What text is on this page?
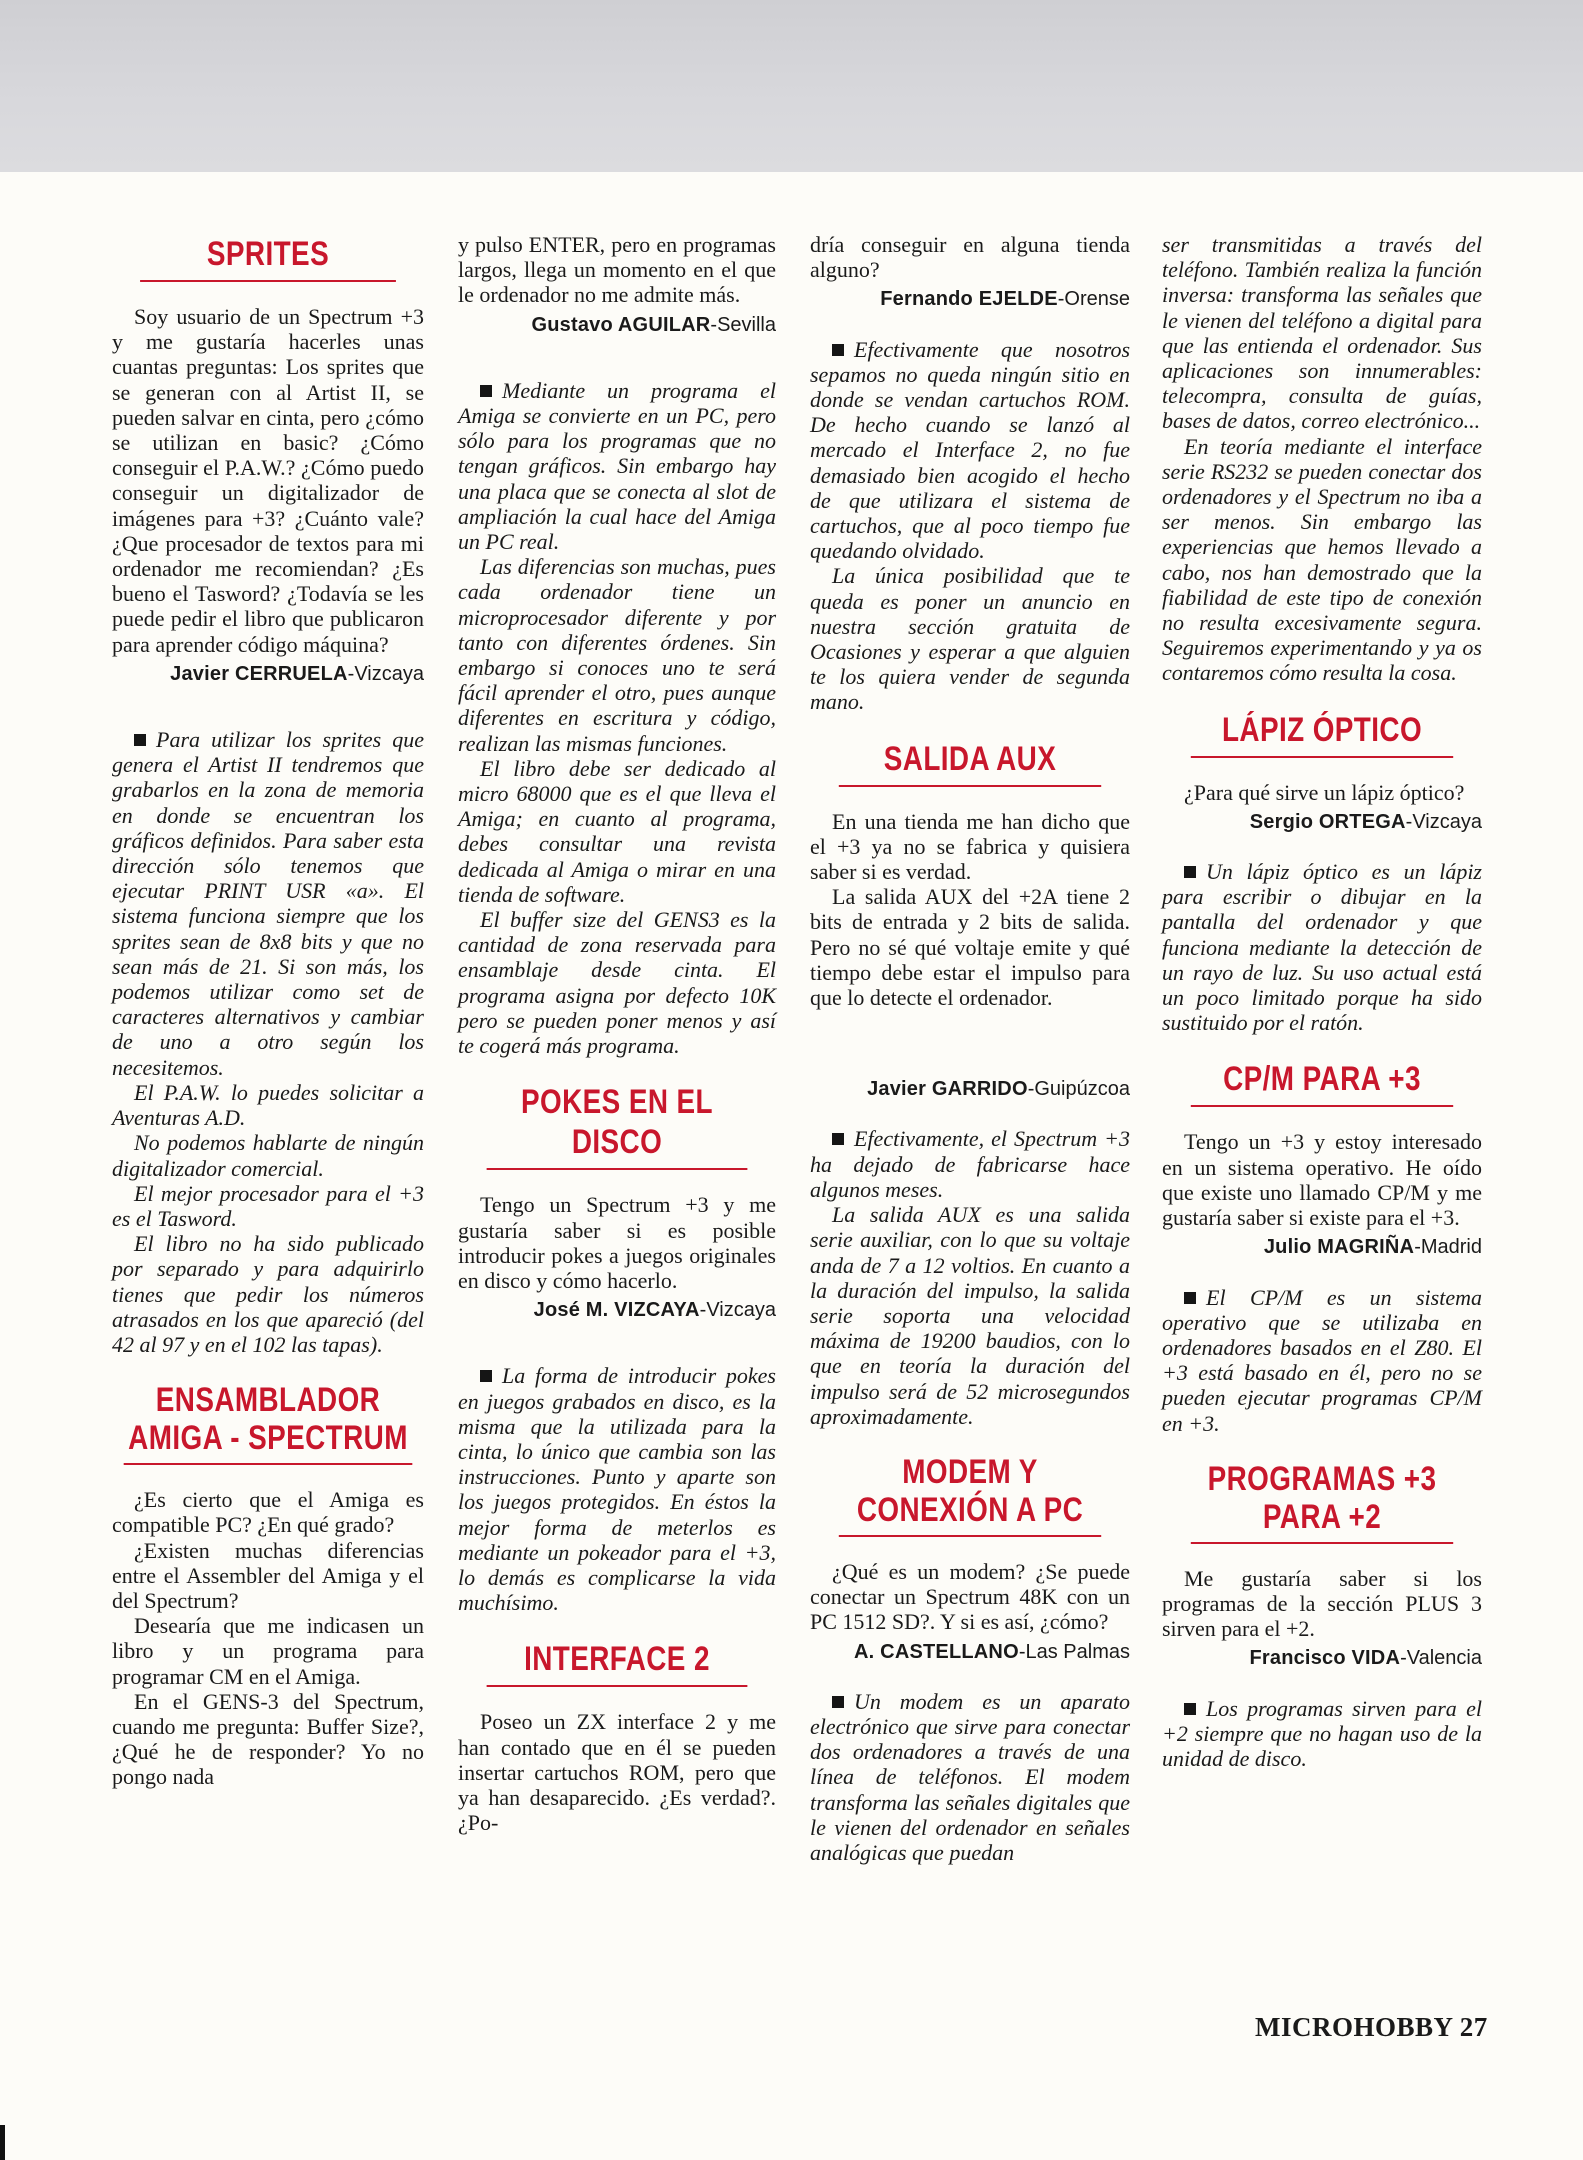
SPRITES

Soy usuario de un Spectrum +3 y me gustaría hacerles unas cuantas preguntas: Los sprites que se generan con al Artist II, se pueden salvar en cinta, pero ¿cómo se utilizan en basic? ¿Cómo conseguir el P.A.W.? ¿Cómo puedo conseguir un digitalizador de imágenes para +3? ¿Cuánto vale? ¿Que procesador de textos para mi ordenador me recomiendan? ¿Es bueno el Tasword? ¿Todavía se les puede pedir el libro que publicaron para aprender código máquina?

Javier CERRUELA-Vizcaya

Para utilizar los sprites que genera el Artist II tendremos que grabarlos en la zona de memoria en donde se encuentran los gráficos definidos. Para saber esta dirección sólo tenemos que ejecutar PRINT USR «a». El sistema funciona siempre que los sprites sean de 8x8 bits y que no sean más de 21. Si son más, los podemos utilizar como set de caracteres alternativos y cambiar de uno a otro según los necesitemos.

El P.A.W. lo puedes solicitar a Aventuras A.D.

No podemos hablarte de ningún digitalizador comercial.

El mejor procesador para el +3 es el Tasword.

El libro no ha sido publicado por separado y para adquirirlo tienes que pedir los números atrasados en los que apareció (del 42 al 97 y en el 102 las tapas).

ENSAMBLADOR
AMIGA - SPECTRUM

¿Es cierto que el Amiga es compatible PC? ¿En qué grado?

¿Existen muchas diferencias entre el Assembler del Amiga y el del Spectrum?

Desearía que me indicasen un libro y un programa para programar CM en el Amiga.

En el GENS-3 del Spectrum, cuando me pregunta: Buffer Size?, ¿Qué he de responder? Yo no pongo nada

y pulso ENTER, pero en programas largos, llega un momento en el que le ordenador no me admite más.

Gustavo AGUILAR-Sevilla

Mediante un programa el Amiga se convierte en un PC, pero sólo para los programas que no tengan gráficos. Sin embargo hay una placa que se conecta al slot de ampliación la cual hace del Amiga un PC real.

Las diferencias son muchas, pues cada ordenador tiene un microprocesador diferente y por tanto con diferentes órdenes. Sin embargo si conoces uno te será fácil aprender el otro, pues aunque diferentes en escritura y código, realizan las mismas funciones.

El libro debe ser dedicado al micro 68000 que es el que lleva el Amiga; en cuanto al programa, debes consultar una revista dedicada al Amiga o mirar en una tienda de software.

El buffer size del GENS3 es la cantidad de zona reservada para ensamblaje desde cinta. El programa asigna por defecto 10K pero se pueden poner menos y así te cogerá más programa.

POKES EN EL DISCO

Tengo un Spectrum +3 y me gustaría saber si es posible introducir pokes a juegos originales en disco y cómo hacerlo.

José M. VIZCAYA-Vizcaya

La forma de introducir pokes en juegos grabados en disco, es la misma que la utilizada para la cinta, lo único que cambia son las instrucciones. Punto y aparte son los juegos protegidos. En éstos la mejor forma de meterlos es mediante un pokeador para el +3, lo demás es complicarse la vida muchísimo.

INTERFACE 2

Poseo un ZX interface 2 y me han contado que en él se pueden insertar cartuchos ROM, pero que ya han desaparecido. ¿Es verdad?. ¿Po-

dría conseguir en alguna tienda alguno?

Fernando EJELDE-Orense

Efectivamente que nosotros sepamos no queda ningún sitio en donde se vendan cartuchos ROM. De hecho cuando se lanzó al mercado el Interface 2, no fue demasiado bien acogido el hecho de que utilizara el sistema de cartuchos, que al poco tiempo fue quedando olvidado.

La única posibilidad que te queda es poner un anuncio en nuestra sección gratuita de Ocasiones y esperar a que alguien te los quiera vender de segunda mano.

SALIDA AUX

En una tienda me han dicho que el +3 ya no se fabrica y quisiera saber si es verdad.

La salida AUX del +2A tiene 2 bits de entrada y 2 bits de salida. Pero no sé qué voltaje emite y qué tiempo debe estar el impulso para que lo detecte el ordenador.

Javier GARRIDO-Guipúzcoa

Efectivamente, el Spectrum +3 ha dejado de fabricarse hace algunos meses.

La salida AUX es una salida serie auxiliar, con lo que su voltaje anda de 7 a 12 voltios. En cuanto a la duración del impulso, la salida serie soporta una velocidad máxima de 19200 baudios, con lo que en teoría la duración del impulso será de 52 microsegundos aproximadamente.

MODEM Y
CONEXIÓN A PC

¿Qué es un modem? ¿Se puede conectar un Spectrum 48K con un PC 1512 SD?. Y si es así, ¿cómo?

A. CASTELLANO-Las Palmas

Un modem es un aparato electrónico que sirve para conectar dos ordenadores a través de una línea de teléfonos. El modem transforma las señales digitales que le vienen del ordenador en señales analógicas que puedan

ser transmitidas a través del teléfono. También realiza la función inversa: transforma las señales que le vienen del teléfono a digital para que las entienda el ordenador. Sus aplicaciones son innumerables: telecompra, consulta de guías, bases de datos, correo electrónico...

En teoría mediante el interface serie RS232 se pueden conectar dos ordenadores y el Spectrum no iba a ser menos. Sin embargo las experiencias que hemos llevado a cabo, nos han demostrado que la fiabilidad de este tipo de conexión no resulta excesivamente segura. Seguiremos experimentando y ya os contaremos cómo resulta la cosa.

LÁPIZ ÓPTICO

¿Para qué sirve un lápiz óptico?

Sergio ORTEGA-Vizcaya

Un lápiz óptico es un lápiz para escribir o dibujar en la pantalla del ordenador y que funciona mediante la detección de un rayo de luz. Su uso actual está un poco limitado porque ha sido sustituido por el ratón.

CP/M PARA +3

Tengo un +3 y estoy interesado en un sistema operativo. He oído que existe uno llamado CP/M y me gustaría saber si existe para el +3.

Julio MAGRIÑA-Madrid

El CP/M es un sistema operativo que se utilizaba en ordenadores basados en el Z80. El +3 está basado en él, pero no se pueden ejecutar programas CP/M en +3.

PROGRAMAS +3
PARA +2

Me gustaría saber si los programas de la sección PLUS 3 sirven para el +2.

Francisco VIDA-Valencia

Los programas sirven para el +2 siempre que no hagan uso de la unidad de disco.

MICROHOBBY 27
